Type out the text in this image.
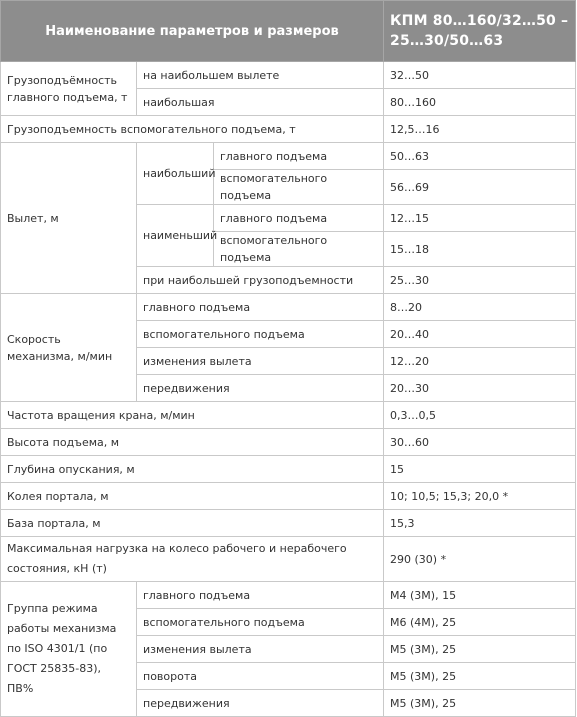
Наименование параметров и размеров			КПМ 80…160/32…50 – 25…30/50…63
Грузоподъёмность главного подъема, т	на наибольшем вылете		32…50
	наибольшая		80…160
Грузоподъемность вспомогательного подъема, т			12,5…16
Вылет, м	наибольший	главного подъема	50…63
		вспомогательного подъема	56…69
	наименьший	главного подъема	12…15
		вспомогательного подъема	15…18
	при наибольшей грузоподъемности		25…30
Скорость механизма, м/мин	главного подъема		8…20
	вспомогательного подъема		20…40
	изменения вылета		12…20
	передвижения		20…30
Частота вращения крана, м/мин			0,3…0,5
Высота подъема, м			30…60
Глубина опускания, м			15
Колея портала, м			10; 10,5; 15,3; 20,0 *
База портала, м			15,3
Максимальная нагрузка на колесо рабочего и нерабочего состояния, кН (т)			290 (30) *
Группа режима работы механизма по ISO 4301/1 (по ГОСТ 25835-83), ПВ%	главного подъема		М4 (3М), 15
	вспомогательного подъема		М6 (4М), 25
	изменения вылета		М5 (3М), 25
	поворота		М5 (3М), 25
	передвижения		М5 (3М), 25
